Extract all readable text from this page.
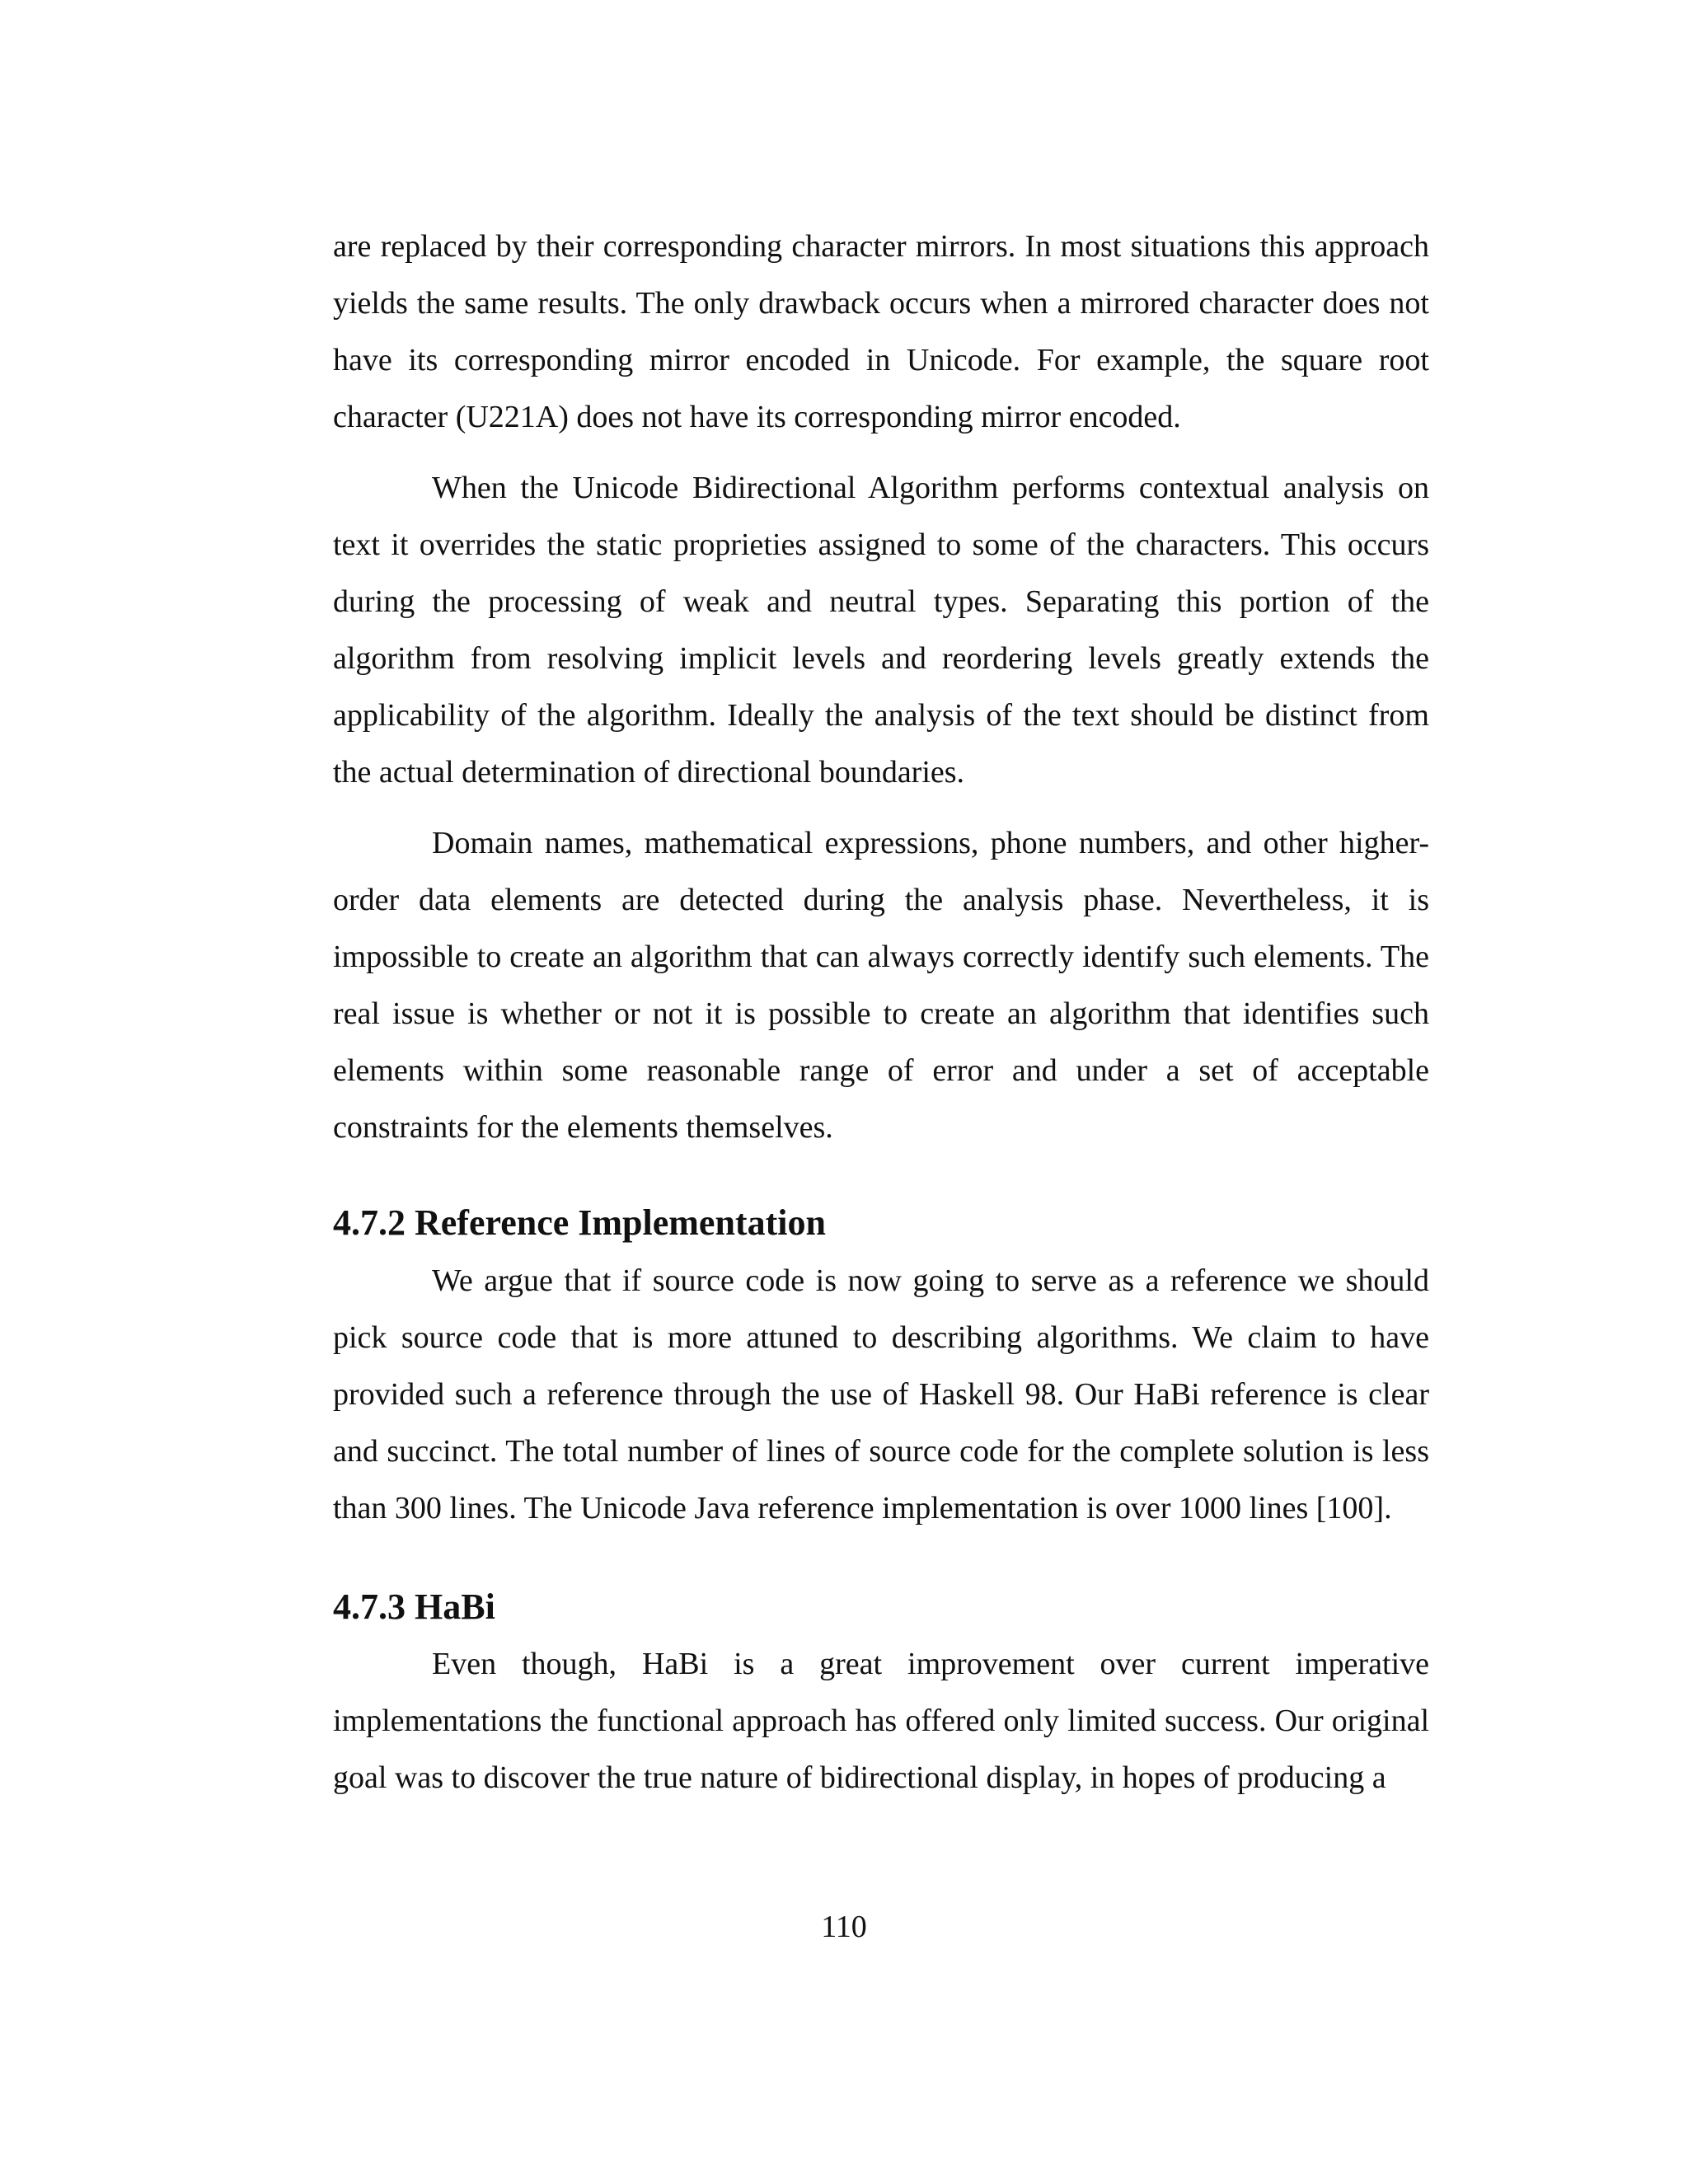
are replaced by their corresponding character mirrors. In most situations this approach yields the same results. The only drawback occurs when a mirrored character does not have its corresponding mirror encoded in Unicode. For example, the square root character (U221A) does not have its corresponding mirror encoded.

When the Unicode Bidirectional Algorithm performs contextual analysis on text it overrides the static proprieties assigned to some of the characters. This occurs during the processing of weak and neutral types. Separating this portion of the algorithm from resolving implicit levels and reordering levels greatly extends the applicability of the algorithm. Ideally the analysis of the text should be distinct from the actual determination of directional boundaries.

Domain names, mathematical expressions, phone numbers, and other higher-order data elements are detected during the analysis phase. Nevertheless, it is impossible to create an algorithm that can always correctly identify such elements. The real issue is whether or not it is possible to create an algorithm that identifies such elements within some reasonable range of error and under a set of acceptable constraints for the elements themselves.

4.7.2 Reference Implementation

We argue that if source code is now going to serve as a reference we should pick source code that is more attuned to describing algorithms. We claim to have provided such a reference through the use of Haskell 98. Our HaBi reference is clear and succinct. The total number of lines of source code for the complete solution is less than 300 lines. The Unicode Java reference implementation is over 1000 lines [100].

4.7.3 HaBi

Even though, HaBi is a great improvement over current imperative implementations the functional approach has offered only limited success. Our original goal was to discover the true nature of bidirectional display, in hopes of producing a

110
